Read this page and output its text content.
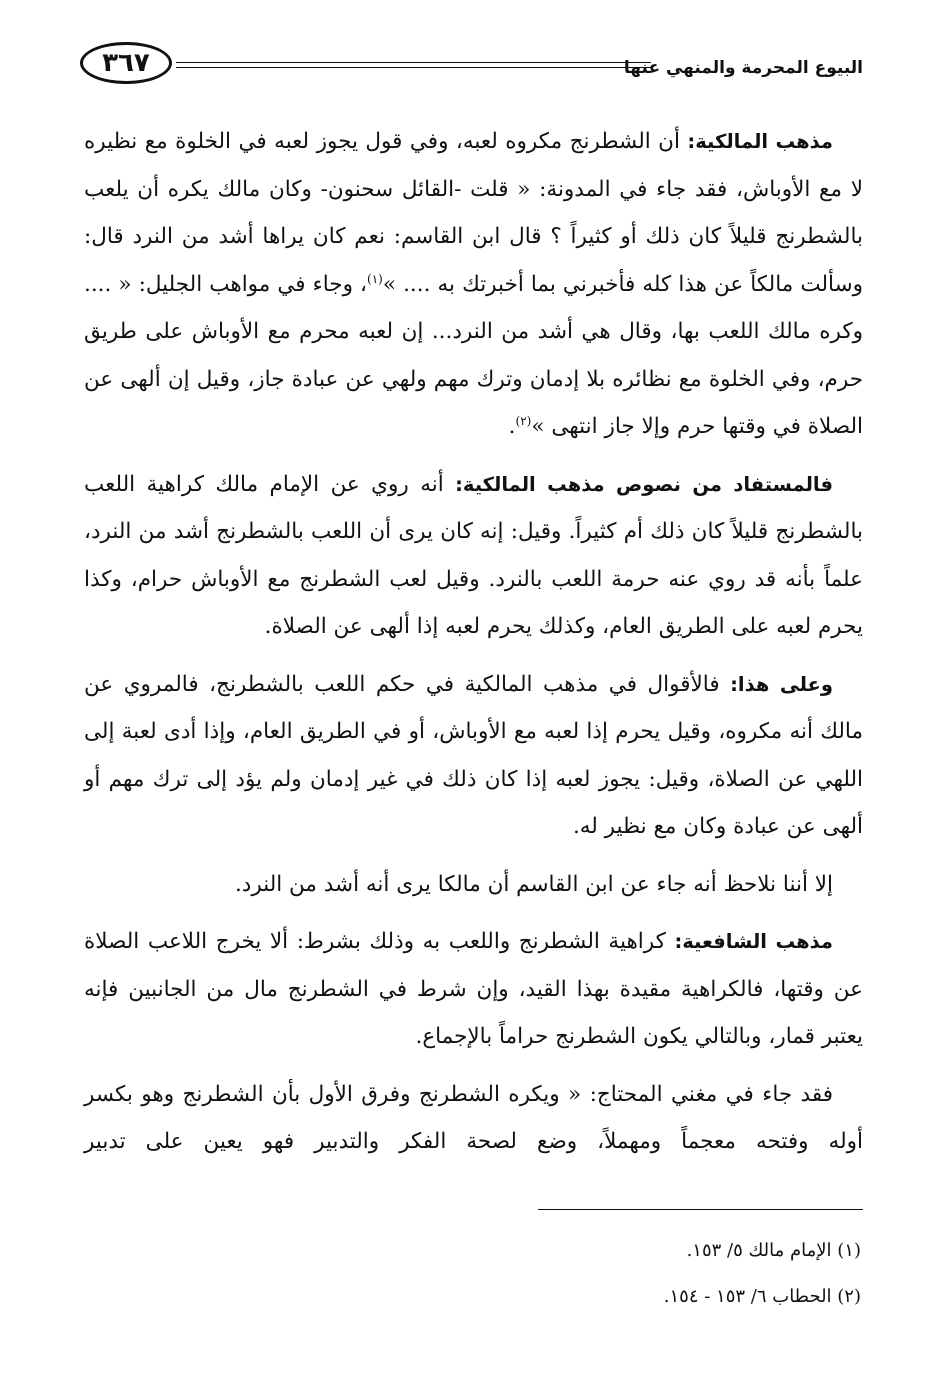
٣٦٧	البيوع المحرمة والمنهي عنها

مذهب المالكية: أن الشطرنج مكروه لعبه، وفي قول يجوز لعبه في الخلوة مع نظيره لا مع الأوباش، فقد جاء في المدونة: « قلت -القائل سحنون- وكان مالك يكره أن يلعب بالشطرنج قليلاً كان ذلك أو كثيراً ؟ قال ابن القاسم: نعم كان يراها أشد من النرد قال: وسألت مالكاً عن هذا كله فأخبرني بما أخبرتك به .... »$^{(١)}$، وجاء في مواهب الجليل: « .... وكره مالك اللعب بها، وقال هي أشد من النرد... إن لعبه محرم مع الأوباش على طريق حرم، وفي الخلوة مع نظائره بلا إدمان وترك مهم ولهي عن عبادة جاز، وقيل إن ألهى عن الصلاة في وقتها حرم وإلا جاز انتهى »$^{(٢)}$.

فالمستفاد من نصوص مذهب المالكية: أنه روي عن الإمام مالك كراهية اللعب بالشطرنج قليلاً كان ذلك أم كثيراً. وقيل: إنه كان يرى أن اللعب بالشطرنج أشد من النرد، علماً بأنه قد روي عنه حرمة اللعب بالنرد. وقيل لعب الشطرنج مع الأوباش حرام، وكذا يحرم لعبه على الطريق العام، وكذلك يحرم لعبه إذا ألهى عن الصلاة.

وعلى هذا: فالأقوال في مذهب المالكية في حكم اللعب بالشطرنج، فالمروي عن مالك أنه مكروه، وقيل يحرم إذا لعبه مع الأوباش، أو في الطريق العام، وإذا أدى لعبة إلى اللهي عن الصلاة، وقيل: يجوز لعبه إذا كان ذلك في غير إدمان ولم يؤد إلى ترك مهم أو ألهى عن عبادة وكان مع نظير له.

إلا أننا نلاحظ أنه جاء عن ابن القاسم أن مالكا يرى أنه أشد من النرد.

مذهب الشافعية: كراهية الشطرنج واللعب به وذلك بشرط: ألا يخرج اللاعب الصلاة عن وقتها، فالكراهية مقيدة بهذا القيد، وإن شرط في الشطرنج مال من الجانبين فإنه يعتبر قمار، وبالتالي يكون الشطرنج حراماً بالإجماع.

فقد جاء في مغني المحتاج: « ويكره الشطرنج وفرق الأول بأن الشطرنج وهو بكسر أوله وفتحه معجماً ومهملاً، وضع لصحة الفكر والتدبير فهو يعين على تدبير

(١) الإمام مالك ٥/ ١٥٣.
(٢) الحطاب ٦/ ١٥٣ - ١٥٤.
